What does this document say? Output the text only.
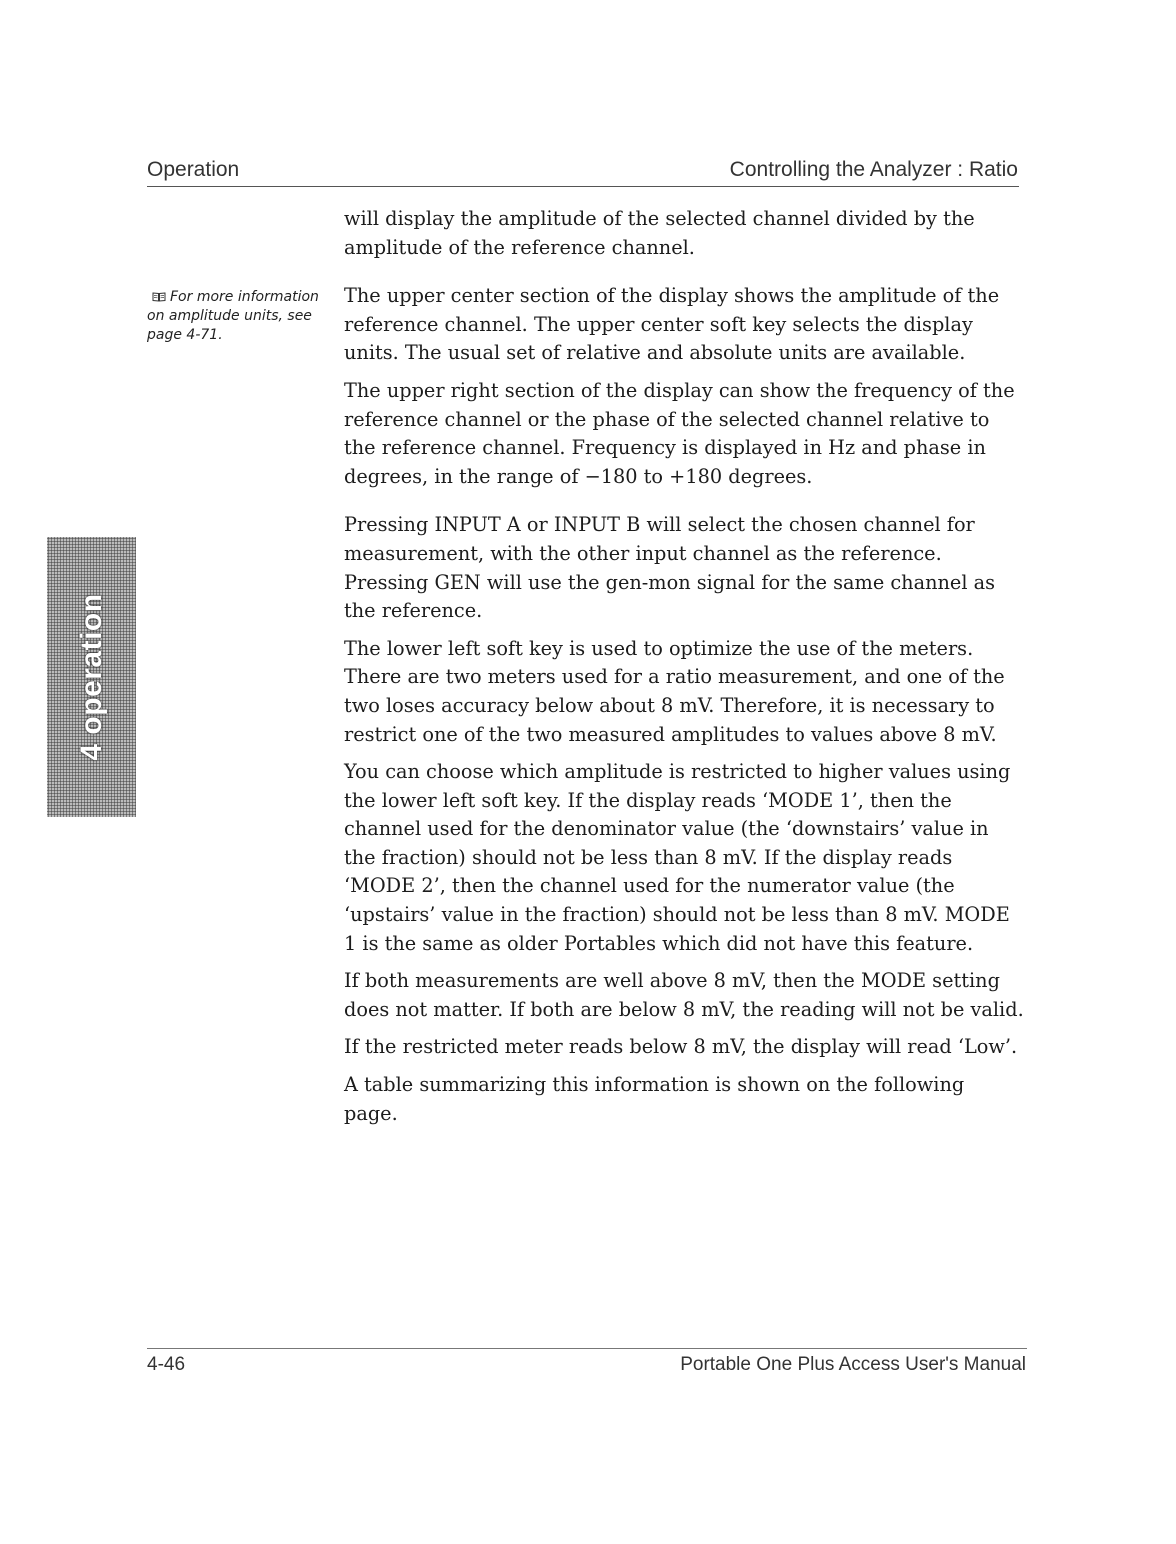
Operation	Controlling the Analyzer : Ratio
For more information on amplitude units, see page 4-71.
4 operation

will display the amplitude of the selected channel divided by the amplitude of the reference channel.

The upper center section of the display shows the amplitude of the reference channel. The upper center soft key selects the display units. The usual set of relative and absolute units are available.

The upper right section of the display can show the frequency of the reference channel or the phase of the selected channel relative to the reference channel. Frequency is displayed in Hz and phase in degrees, in the range of −180 to +180 degrees.

Pressing INPUT A or INPUT B will select the chosen channel for measurement, with the other input channel as the reference. Pressing GEN will use the gen-mon signal for the same channel as the reference.

The lower left soft key is used to optimize the use of the meters. There are two meters used for a ratio measurement, and one of the two loses accuracy below about 8 mV. Therefore, it is necessary to restrict one of the two measured amplitudes to values above 8 mV.

You can choose which amplitude is restricted to higher values using the lower left soft key. If the display reads ‘MODE 1’, then the channel used for the denominator value (the ‘downstairs’ value in the fraction) should not be less than 8 mV. If the display reads ‘MODE 2’, then the channel used for the numerator value (the ‘upstairs’ value in the fraction) should not be less than 8 mV. MODE 1 is the same as older Portables which did not have this feature.

If both measurements are well above 8 mV, then the MODE setting does not matter. If both are below 8 mV, the reading will not be valid.

If the restricted meter reads below 8 mV, the display will read ‘Low’.

A table summarizing this information is shown on the following page.

4-46	Portable One Plus Access User's Manual
